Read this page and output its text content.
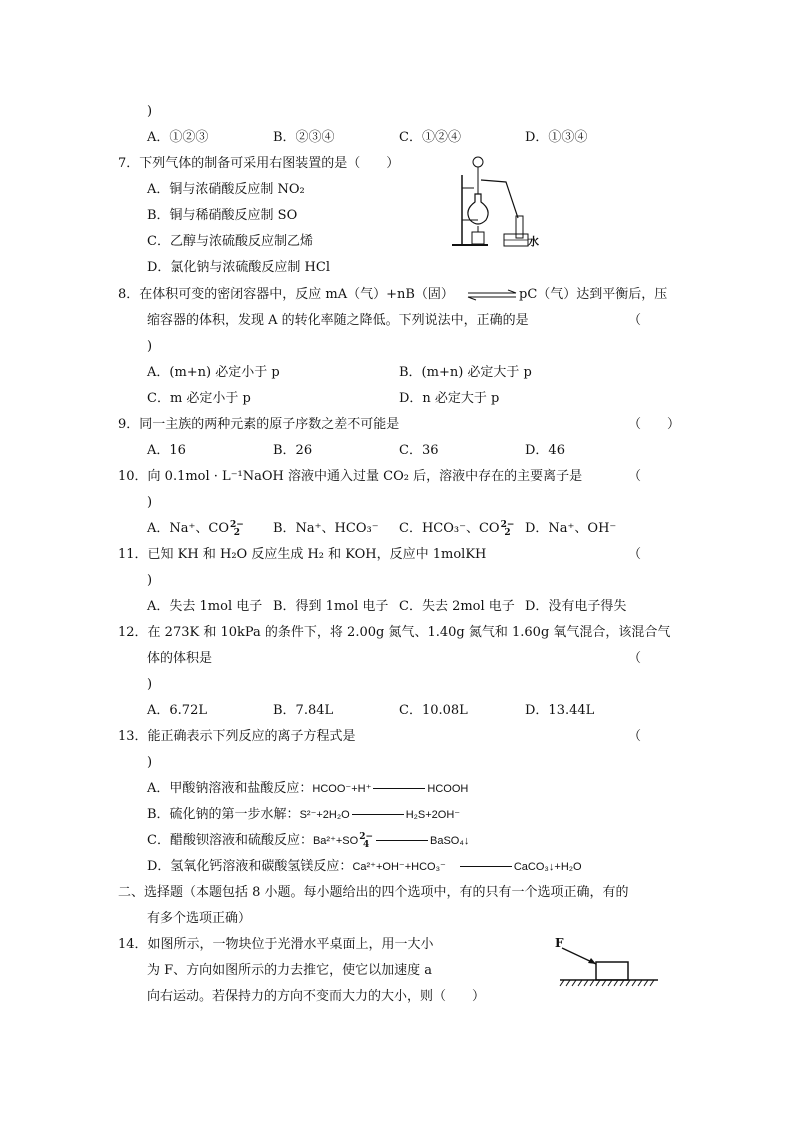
)
A．①②③	B．②③④	C．①②④	D．①③④
7．下列气体的制备可采用右图装置的是（　　）
A．铜与浓硝酸反应制 NO₂
B．铜与稀硝酸反应制 SO
C．乙醇与浓硫酸反应制乙烯
D．氯化钠与浓硫酸反应制 HCl
水
8．在体积可变的密闭容器中，反应 mA（气）+nB（固） ⇌ pC（气）达到平衡后，压
缩容器的体积，发现 A 的转化率随之降低。下列说法中，正确的是	（
)
A．(m+n) 必定小于 p	B．(m+n) 必定大于 p
C．m 必定小于 p	D．n 必定大于 p
9．同一主族的两种元素的原子序数之差不可能是	（　　）
A．16	B．26	C．36	D．46
10．向 0.1mol · L⁻¹NaOH 溶液中通入过量 CO₂ 后，溶液中存在的主要离子是	（
)
A．Na⁺、CO2−
2	B．Na⁺、HCO₃⁻ C．HCO₃⁻、CO2−
2	D．Na⁺、OH⁻
11．已知 KH 和 H₂O 反应生成 H₂ 和 KOH，反应中 1molKH	（
)
A．失去 1mol 电子 B．得到 1mol 电子 C．失去 2mol 电子 D．没有电子得失
12．在 273K 和 10kPa 的条件下，将 2.00g 氮气、1.40g 氮气和 1.60g 氧气混合，该混合气
体的体积是	（
)
A．6.72L	B．7.84L	C．10.08L	D．13.44L
13．能正确表示下列反应的离子方程式是	（
)
A．甲酸钠溶液和盐酸反应：HCOO⁻+H⁺	HCOOH
B．硫化钠的第一步水解：S²⁻+2H₂O	H₂S+2OH⁻
C．醋酸钡溶液和硫酸反应：Ba²⁺+SO2−
4	BaSO₄↓
D．氢氧化钙溶液和碳酸氢镁反应：Ca²⁺+OH⁻+HCO₃⁻	CaCO₃↓+H₂O
二、选择题（本题包括 8 小题。每小题给出的四个选项中，有的只有一个选项正确，有的
有多个选项正确）
14．如图所示，一物块位于光滑水平桌面上，用一大小
为 F、方向如图所示的力去推它，使它以加速度 a
向右运动。若保持力的方向不变而大力的大小，则（　　）
F
